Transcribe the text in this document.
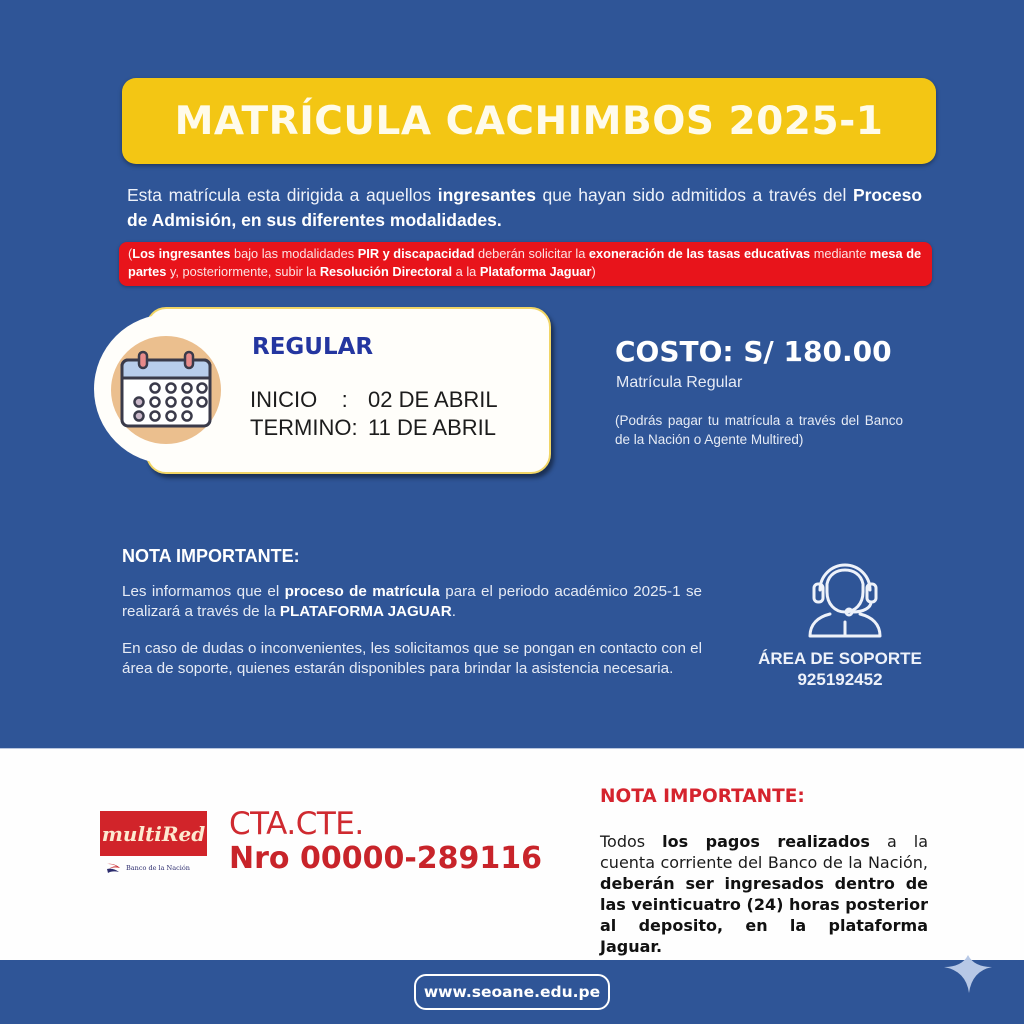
MATRÍCULA CACHIMBOS 2025-1

Esta matrícula esta dirigida a aquellos ingresantes que hayan sido admitidos a través del Proceso de Admisión, en sus diferentes modalidades.

(Los ingresantes bajo las modalidades PIR y discapacidad deberán solicitar la exoneración de las tasas educativas mediante mesa de partes y, posteriormente, subir la Resolución Directoral a la Plataforma Jaguar)
REGULAR
INICIO    : 02 DE ABRIL
TERMINO: 11 DE ABRIL
COSTO: S/ 180.00
Matrícula Regular

(Podrás pagar tu matrícula a través del Banco de la Nación o Agente Multired)

NOTA IMPORTANTE:

Les informamos que el proceso de matrícula para el periodo académico 2025-1 se realizará a través de la PLATAFORMA JAGUAR.

En caso de dudas o inconvenientes, les solicitamos que se pongan en contacto con el área de soporte, quienes estarán disponibles para brindar la asistencia necesaria.

ÁREA DE SOPORTE
925192452
multiRed
Banco de la Nación
CTA.CTE.
Nro 00000-289116
NOTA IMPORTANTE:

Todos los pagos realizados a la cuenta corriente del Banco de la Nación, deberán ser ingresados dentro de las veinticuatro (24) horas posterior al deposito, en la plataforma Jaguar.

www.seoane.edu.pe
